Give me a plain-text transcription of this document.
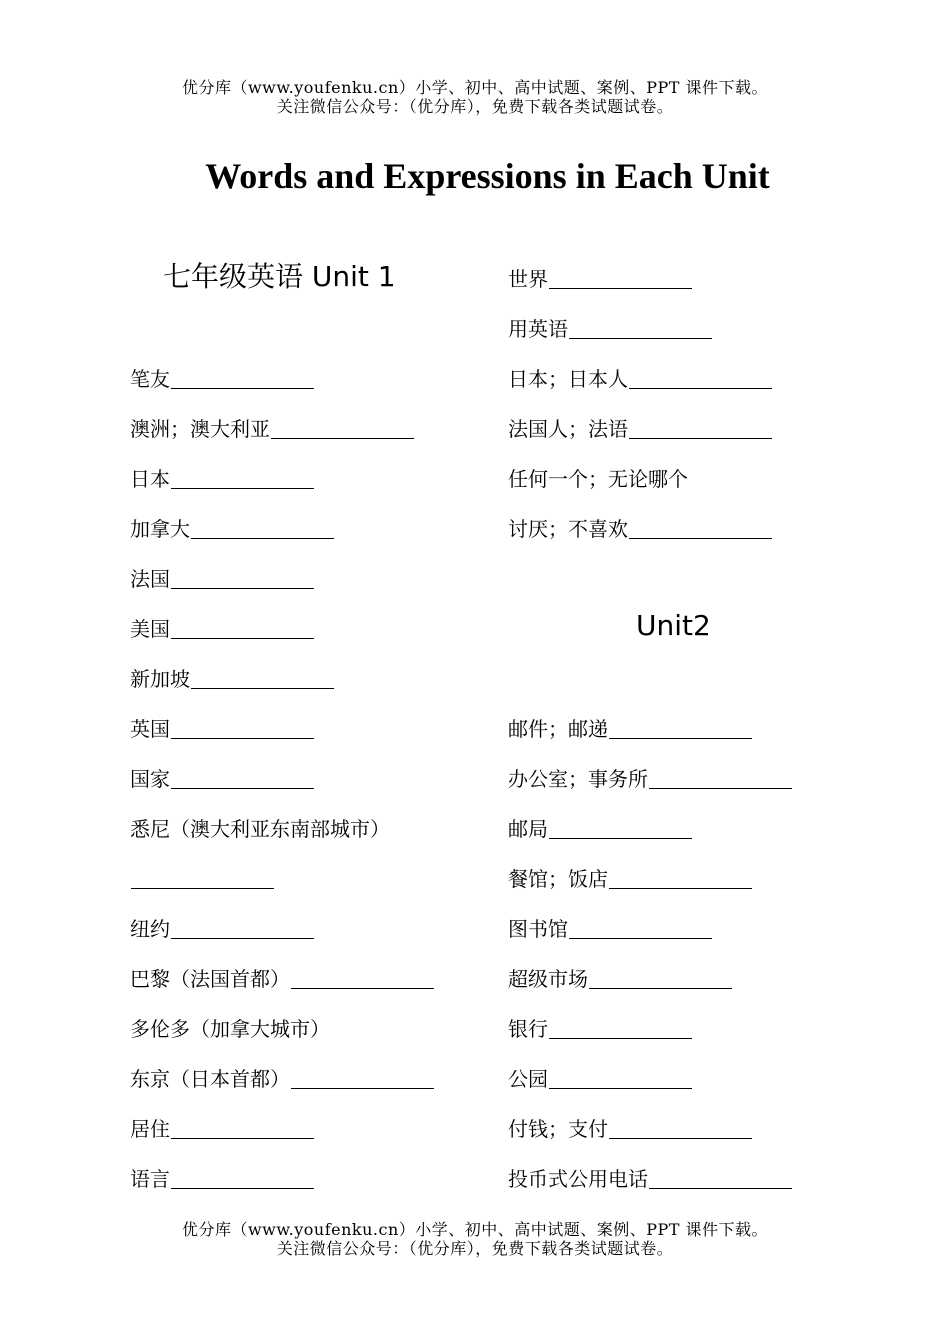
优分库（www.youfenku.cn）小学、初中、高中试题、案例、PPT 课件下载。
关注微信公众号：（优分库），免费下载各类试题试卷。
Words and Expressions in Each Unit
七年级英语 Unit 1
笔友
澳洲；澳大利亚
日本
加拿大
法国
美国
新加坡
英国
国家
悉尼（澳大利亚东南部城市）
纽约
巴黎（法国首都）
多伦多（加拿大城市）
东京（日本首都）
居住
语言
世界
用英语
日本；日本人
法国人；法语
任何一个；无论哪个
讨厌；不喜欢
邮件；邮递
办公室；事务所
邮局
餐馆；饭店
图书馆
超级市场
银行
公园
付钱；支付
投币式公用电话
Unit2
优分库（www.youfenku.cn）小学、初中、高中试题、案例、PPT 课件下载。
关注微信公众号：（优分库），免费下载各类试题试卷。
